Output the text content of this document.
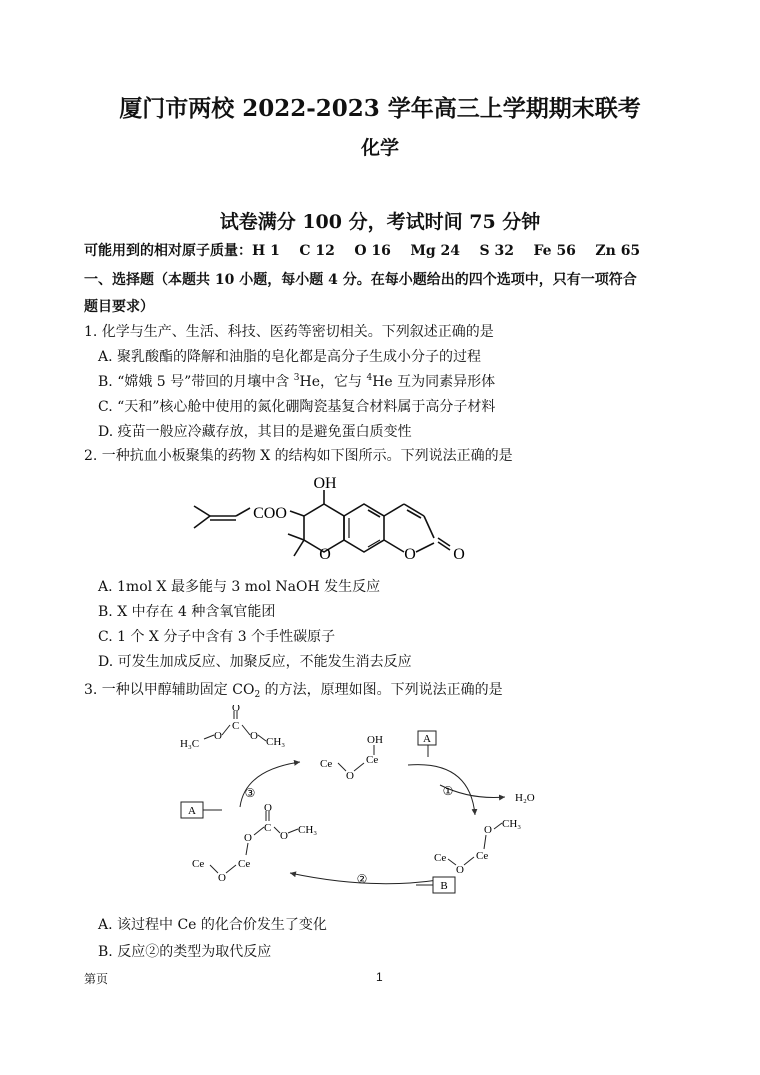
厦门市两校 2022-2023 学年高三上学期期末联考
化学
试卷满分 100 分，考试时间 75 分钟
可能用到的相对原子质量：H 1    C 12    O 16    Mg 24    S 32    Fe 56    Zn 65
一、选择题（本题共 10 小题，每小题 4 分。在每小题给出的四个选项中，只有一项符合
题目要求）
1. 化学与生产、生活、科技、医药等密切相关。下列叙述正确的是
A. 聚乳酸酯的降解和油脂的皂化都是高分子生成小分子的过程
B. “嫦娥 5 号”带回的月壤中含 $^3$He，它与 $^4$He 互为同素异形体
C. “天和”核心舱中使用的氮化硼陶瓷基复合材料属于高分子材料
D. 疫苗一般应冷藏存放，其目的是避免蛋白质变性
2. 一种抗血小板聚集的药物 X 的结构如下图所示。下列说法正确的是
OH
COO
O	O O
A. 1mol X 最多能与 3 mol NaOH 发生反应
B. X 中存在 4 种含氧官能团
C. 1 个 X 分子中含有 3 个手性碳原子
D. 可发生加成反应、加聚反应，不能发生消去反应
3. 一种以甲醇辅助固定 $CO_2$ 的方法，原理如图。下列说法正确的是
A
A
B
①
②
③	H₂O
H₃C
O
C
O
O CH₃
Ce
O
Ce
OH
Ce
O
Ce
O CH₃
Ce
O
Ce
O
C
O
O CH₃
A. 该过程中 Ce 的化合价发生了变化
B. 反应②的类型为取代反应
第页	1
